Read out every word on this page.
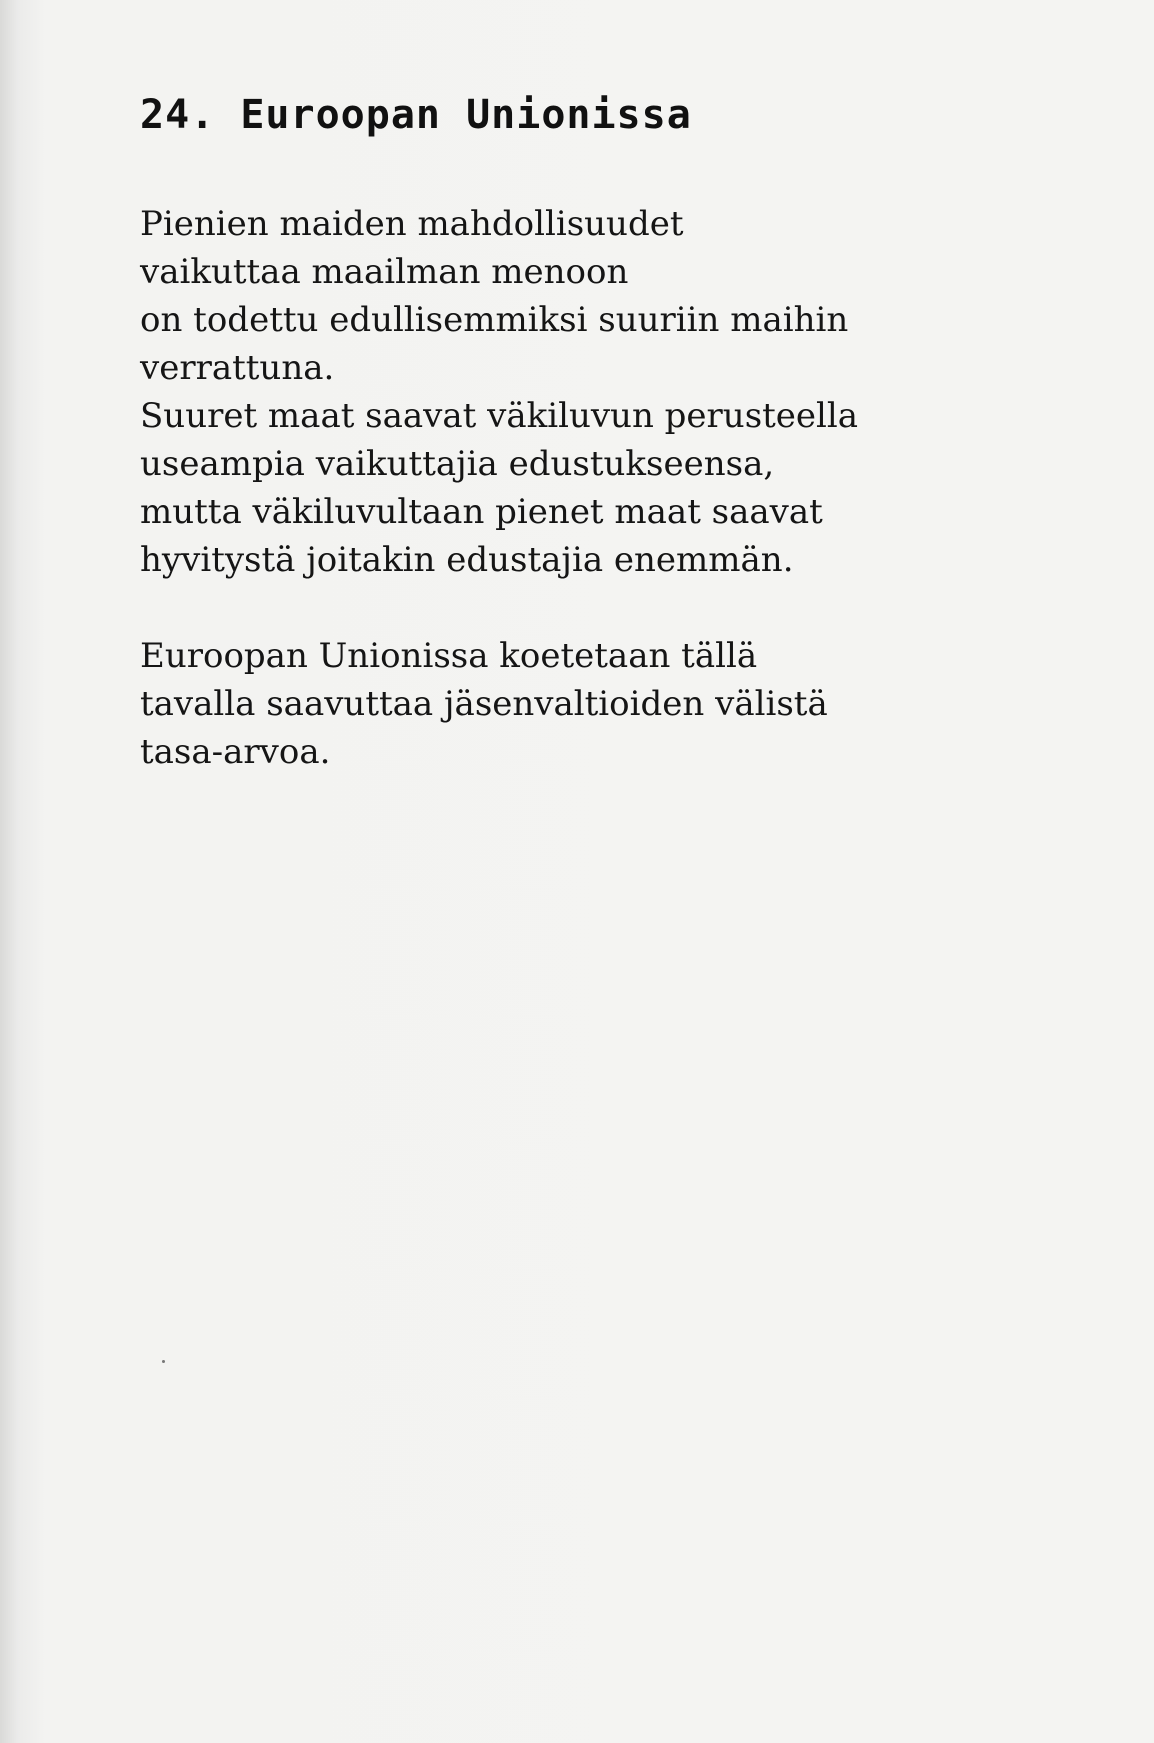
24. Euroopan Unionissa
Pienien maiden mahdollisuudet
vaikuttaa maailman menoon
on todettu edullisemmiksi suuriin maihin
verrattuna.
Suuret maat saavat väkiluvun perusteella
useampia vaikuttajia edustukseensa,
mutta väkiluvultaan pienet maat saavat
hyvitystä joitakin edustajia enemmän.
Euroopan Unionissa koetetaan tällä
tavalla saavuttaa jäsenvaltioiden välistä
tasa-arvoa.
